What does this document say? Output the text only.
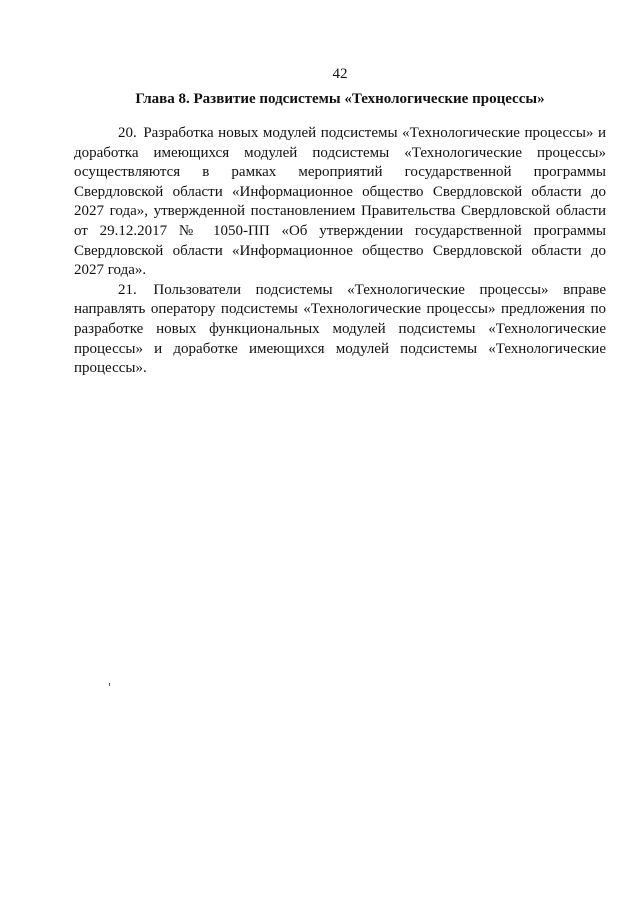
42
Глава 8. Развитие подсистемы «Технологические процессы»

20. Разработка новых модулей подсистемы «Технологические процессы» и доработка имеющихся модулей подсистемы «Технологические процессы» осуществляются в рамках мероприятий государственной программы Свердловской области «Информационное общество Свердловской области до 2027 года», утвержденной постановлением Правительства Свердловской области от 29.12.2017 № 1050-ПП «Об утверждении государственной программы Свердловской области «Информационное общество Свердловской области до 2027 года».

21. Пользователи подсистемы «Технологические процессы» вправе направлять оператору подсистемы «Технологические процессы» предложения по разработке новых функциональных модулей подсистемы «Технологические процессы» и доработке имеющихся модулей подсистемы «Технологические процессы».
